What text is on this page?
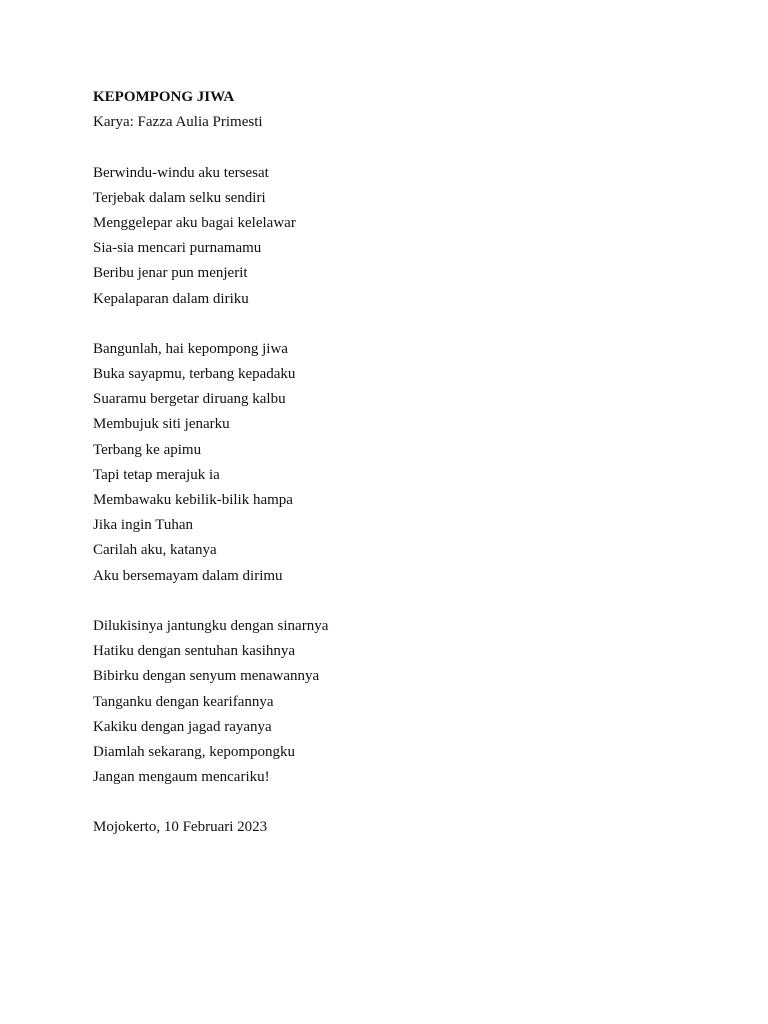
KEPOMPONG JIWA
Karya: Fazza Aulia Primesti
Berwindu-windu aku tersesat
Terjebak dalam selku sendiri
Menggelepar aku bagai kelelawar
Sia-sia mencari purnamamu
Beribu jenar pun menjerit
Kepalaparan dalam diriku
Bangunlah, hai kepompong jiwa
Buka sayapmu, terbang kepadaku
Suaramu bergetar diruang kalbu
Membujuk siti jenarku
Terbang ke apimu
Tapi tetap merajuk ia
Membawaku kebilik-bilik hampa
Jika ingin Tuhan
Carilah aku, katanya
Aku bersemayam dalam dirimu
Dilukisinya jantungku dengan sinarnya
Hatiku dengan sentuhan kasihnya
Bibirku dengan senyum menawannya
Tanganku dengan kearifannya
Kakiku dengan jagad rayanya
Diamlah sekarang, kepompongku
Jangan mengaum mencariku!
Mojokerto, 10 Februari 2023
